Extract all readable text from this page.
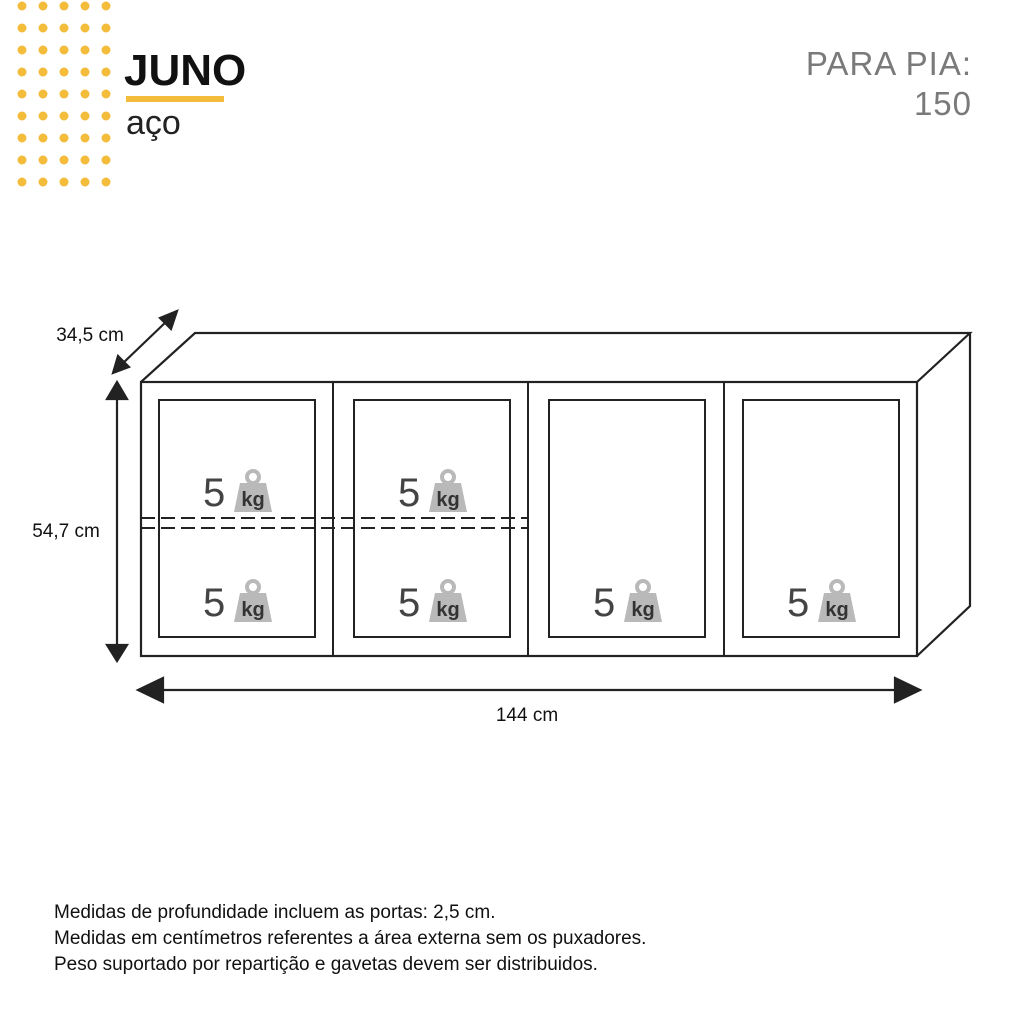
JUNO
aço
PARA PIA:
150
34,5 cm
54,7 cm
144 cm
5 kg	5 kg
5 kg	5 kg	5 kg	5 kg
Medidas de profundidade incluem as portas: 2,5 cm.
Medidas em centímetros referentes a área externa sem os puxadores.
Peso suportado por repartição e gavetas devem ser distribuidos.
